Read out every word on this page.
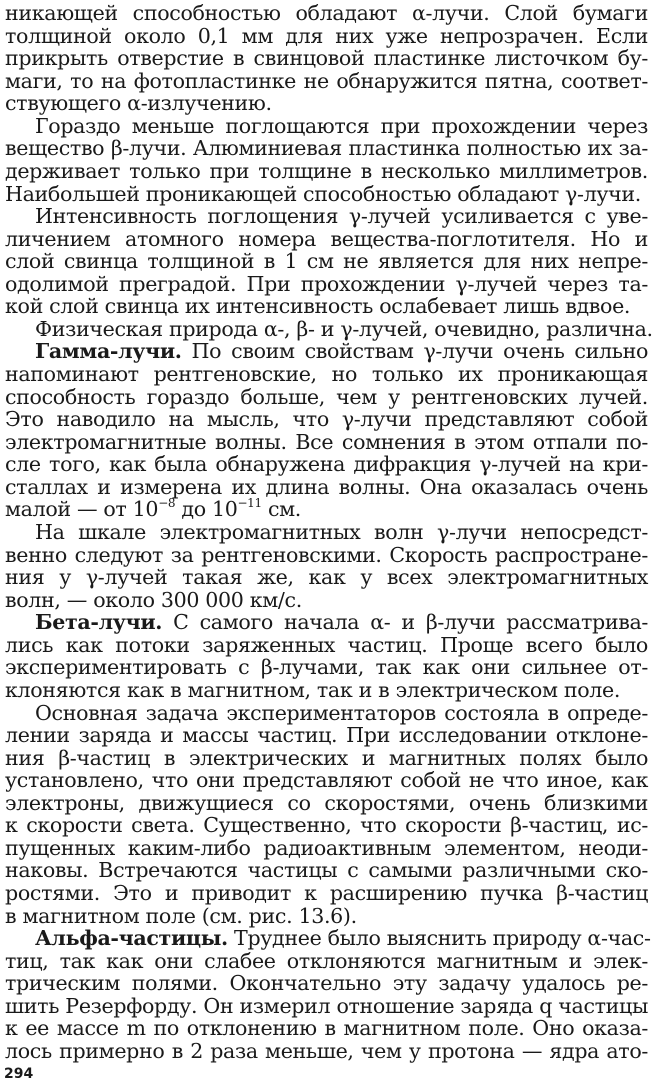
никающей способностью обладают α-лучи. Слой бумаги
толщиной около 0,1 мм для них уже непрозрачен. Если
прикрыть отверстие в свинцовой пластинке листочком бу-
маги, то на фотопластинке не обнаружится пятна, соответ-
ствующего α-излучению.
Гораздо меньше поглощаются при прохождении через
вещество β-лучи. Алюминиевая пластинка полностью их за-
держивает только при толщине в несколько миллиметров.
Наибольшей проникающей способностью обладают γ-лучи.
Интенсивность поглощения γ-лучей усиливается с уве-
личением атомного номера вещества-поглотителя. Но и
слой свинца толщиной в 1 см не является для них непре-
одолимой преградой. При прохождении γ-лучей через та-
кой слой свинца их интенсивность ослабевает лишь вдвое.
Физическая природа α-, β- и γ-лучей, очевидно, различна.
Гамма-лучи. По своим свойствам γ-лучи очень сильно
напоминают рентгеновские, но только их проникающая
способность гораздо больше, чем у рентгеновских лучей.
Это наводило на мысль, что γ-лучи представляют собой
электромагнитные волны. Все сомнения в этом отпали по-
сле того, как была обнаружена дифракция γ-лучей на кри-
сталлах и измерена их длина волны. Она оказалась очень
малой — от $10^{-8}$ до $10^{-11}$ см.
На шкале электромагнитных волн γ-лучи непосредст-
венно следуют за рентгеновскими. Скорость распростране-
ния у γ-лучей такая же, как у всех электромагнитных
волн, — около 300 000 км/с.
Бета-лучи. С самого начала α- и β-лучи рассматрива-
лись как потоки заряженных частиц. Проще всего было
экспериментировать с β-лучами, так как они сильнее от-
клоняются как в магнитном, так и в электрическом поле.
Основная задача экспериментаторов состояла в опреде-
лении заряда и массы частиц. При исследовании отклоне-
ния β-частиц в электрических и магнитных полях было
установлено, что они представляют собой не что иное, как
электроны, движущиеся со скоростями, очень близкими
к скорости света. Существенно, что скорости β-частиц, ис-
пущенных каким-либо радиоактивным элементом, неоди-
наковы. Встречаются частицы с самыми различными ско-
ростями. Это и приводит к расширению пучка β-частиц
в магнитном поле (см. рис. 13.6).
Альфа-частицы. Труднее было выяснить природу α-час-
тиц, так как они слабее отклоняются магнитным и элек-
трическим полями. Окончательно эту задачу удалось ре-
шить Резерфорду. Он измерил отношение заряда q частицы
к ее массе m по отклонению в магнитном поле. Оно оказа-
лось примерно в 2 раза меньше, чем у протона — ядра ато-
294
